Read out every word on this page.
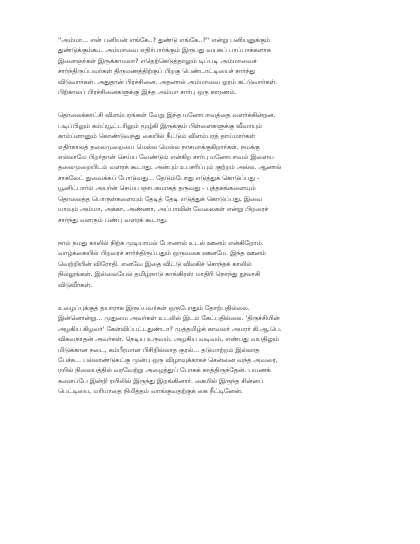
''அம்மா... என் பனியன் எங்கே..? துண்டு எங்கே..?'' என்று பனியனுக்கும்
துண்டுக்கும்கூட அம்மாவை எதிர்பார்க்கும் இருபது வயசுப் பாப்பாக்களாக
இளைஞர்கள் இருக்காமலா? எதெற்கெடுத்தாலும் டிப்படி அம்மாவைச்
சார்ந்திருப்பவர்கள் திருமணத்திற்குப் பிறகு பெண்டாட்டியைச் சார்ந்து
விடுவார்கள். அதுதான் பிரச்சினை. அதனால் அம்மாவை ஓரம் கட்டுவார்கள்.
பிற்காலப் பிரச்சினைகளுக்கு இந்த அம்மா சார்பு ஒரு காரணம்.
தொலைக்காட்சி விளம்பரங்கள் வேறு இந்த மனோபாவத்தை வளர்க்கின்றன.
படிப்பிலும் கம்ப்யூட்டரிலும் மூழ்கி இருக்கும் பிள்ளைகளுக்கு வீவாயும்
காம்ப்ளானும் கொண்டுவந்து கையில் நீட்டும் விளம்பரத் தாய்மார்கள்
எதிர்காலத் தலைமுறையை மெல்ல மெல்ல நாசமாக்குகிறார்கள். நமக்கு
எல்லாமே பிறர்தான் செய்ய வேண்டும் என்கிற சார்பு மனோபாவம் இளைய
தலைமுறையிடம் வளரக் கூடாது. அன்பும் உபசரிப்பும் குற்றம் அல்ல. ஆனால்
சாக்லேட் துவைக்கப் போடுவது... தேடும்போது எடுத்துக் கொடுப்பது -
யூனிட்பார்ம் அயர்ன் செய்ய ஞாபகமாகத் தருவது - புத்தகங்களையும்
தொலைத்த பொருள்களையும் தேடித் தேடி எடுத்துக் கொடுப்பது, இவை
யாவும் அம்மா, அக்கா, அண்ணா, அப்பாவின் வேலைகள் என்று பிறரைச்
சார்ந்து வளரும் பண்பு வளரக் கூடாது.
நாம் நமது காலில் நிற்க முடியாமல் போனால் உடல் ஊனம் என்கிறோம்.
வாழ்க்கையில் பிறரைச் சார்ந்திருப்பதும் ஒருவகை ஊனமே. இந்த ஊனம்
வெற்றியின் விரோதி. எனவே இதை விட்டு விலகிச் சொந்தக் காலில்
நில்லுங்கள். இல்லையேல் தமிழ்நாடு காங்கிரஸ் மாதிரி நொந்து நூலாகி
விடுவீர்கள்.
உழைப்புக்குத் தயாராக இருப்பவர்கள் ஒருபோதும் தோற்பதில்லை.
இன்னொன்று... முதுமை அவர்கள் உடலில் இடம் கேட்பதில்லை. 'திருச்சியின்
அழகிய கிழவர்' கேள்விப்பட்டதுண்டா? முத்தமிழ்க் காவலர் அமரர் கி.ஆ.பெ.
விசுவநாதன் அவர்கள். நெடிய உருவம், அழகிய வடிவம், எண்பது வயதிலும்
மிடுக்கான நடை, கம்பீரமான பிசிறில்லாத குரல்... தடுமாற்றம் இல்லாத
பேச்சு... பல்லாண்டுகட்கு முன்பு ஒரு விழாவுக்காகச் சென்னை வந்த அவரை,
ரயில் நிலையத்தில் வரவேற்று அழைத்துப் போகக் காத்திருந்தேன். பயணக்
களைப்பே இன்றி ரயிலில் இருந்து இறங்கினார். கையில் இருந்த சின்னப்
பெட்டியை, மரியாதை நிமித்தம் வாங்குவதற்குக் கை நீட்டினேன்.
